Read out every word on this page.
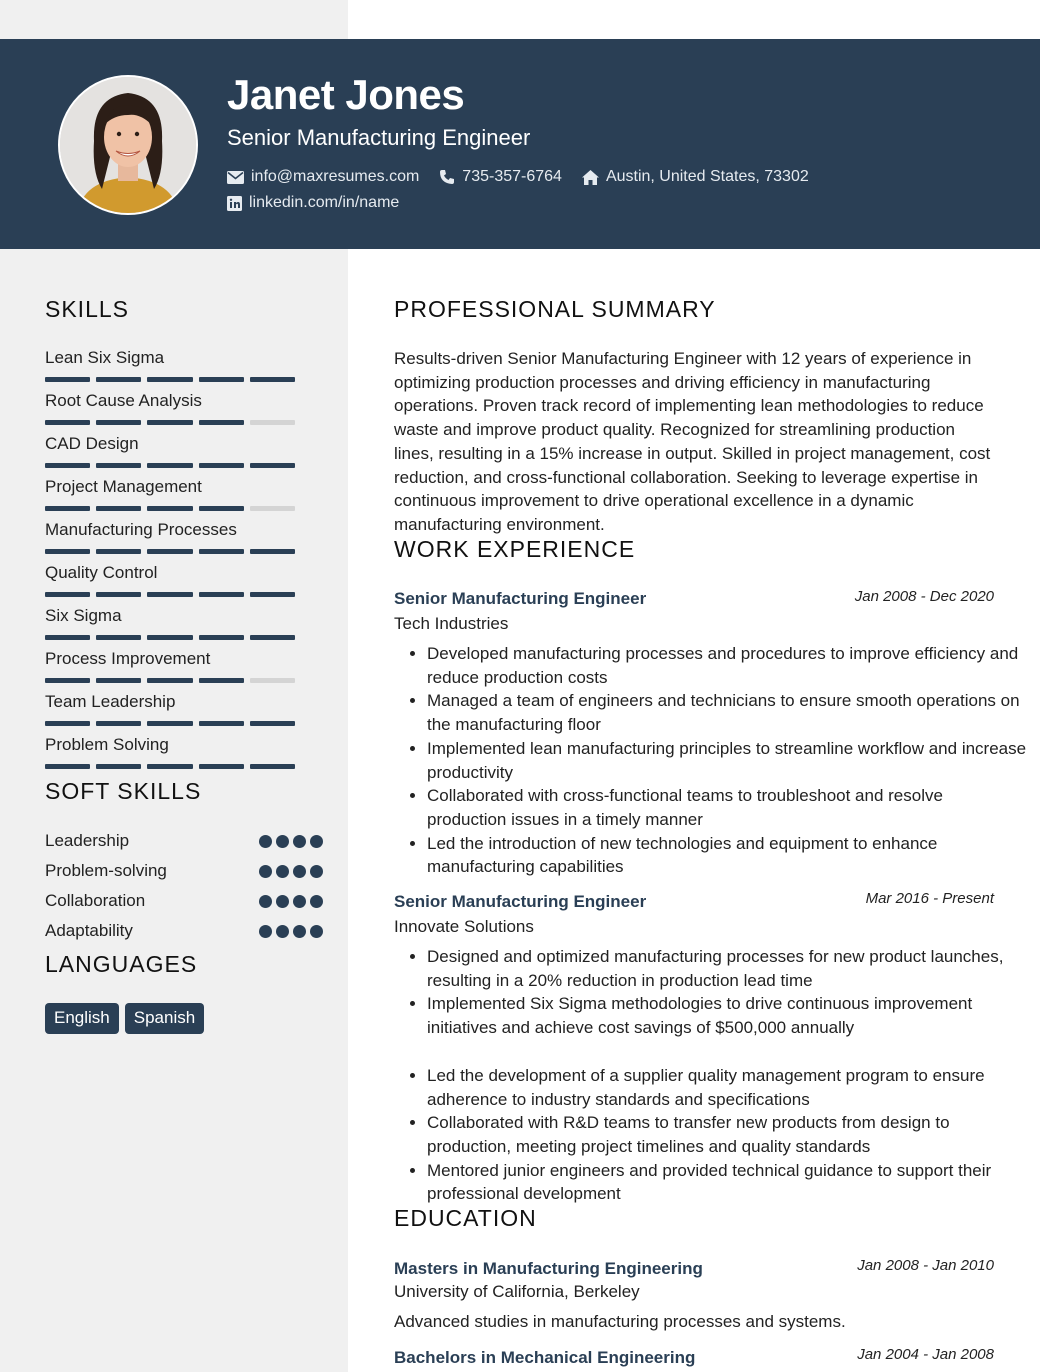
Janet Jones
Senior Manufacturing Engineer
info@maxresumes.com	735-357-6764	Austin, United States, 73302
linkedin.com/in/name
SKILLS
Lean Six Sigma
Root Cause Analysis
CAD Design
Project Management
Manufacturing Processes
Quality Control
Six Sigma
Process Improvement
Team Leadership
Problem Solving
SOFT SKILLS
Leadership
Problem-solving
Collaboration
Adaptability
LANGUAGES
English	Spanish
PROFESSIONAL SUMMARY

Results-driven Senior Manufacturing Engineer with 12 years of experience in optimizing production processes and driving efficiency in manufacturing operations. Proven track record of implementing lean methodologies to reduce waste and improve product quality. Recognized for streamlining production lines, resulting in a 15% increase in output. Skilled in project management, cost reduction, and cross-functional collaboration. Seeking to leverage expertise in continuous improvement to drive operational excellence in a dynamic manufacturing environment.

WORK EXPERIENCE
Senior Manufacturing Engineer	Jan 2008 - Dec 2020
Tech Industries
• Developed manufacturing processes and procedures to improve efficiency and reduce production costs
• Managed a team of engineers and technicians to ensure smooth operations on the manufacturing floor
• Implemented lean manufacturing principles to streamline workflow and increase productivity
• Collaborated with cross-functional teams to troubleshoot and resolve production issues in a timely manner
• Led the introduction of new technologies and equipment to enhance manufacturing capabilities
Senior Manufacturing Engineer	Mar 2016 - Present
Innovate Solutions
• Designed and optimized manufacturing processes for new product launches, resulting in a 20% reduction in production lead time
• Implemented Six Sigma methodologies to drive continuous improvement initiatives and achieve cost savings of $500,000 annually
• Led the development of a supplier quality management program to ensure adherence to industry standards and specifications
• Collaborated with R&D teams to transfer new products from design to production, meeting project timelines and quality standards
• Mentored junior engineers and provided technical guidance to support their professional development
EDUCATION
Masters in Manufacturing Engineering	Jan 2008 - Jan 2010
University of California, Berkeley
Advanced studies in manufacturing processes and systems.
Bachelors in Mechanical Engineering	Jan 2004 - Jan 2008
